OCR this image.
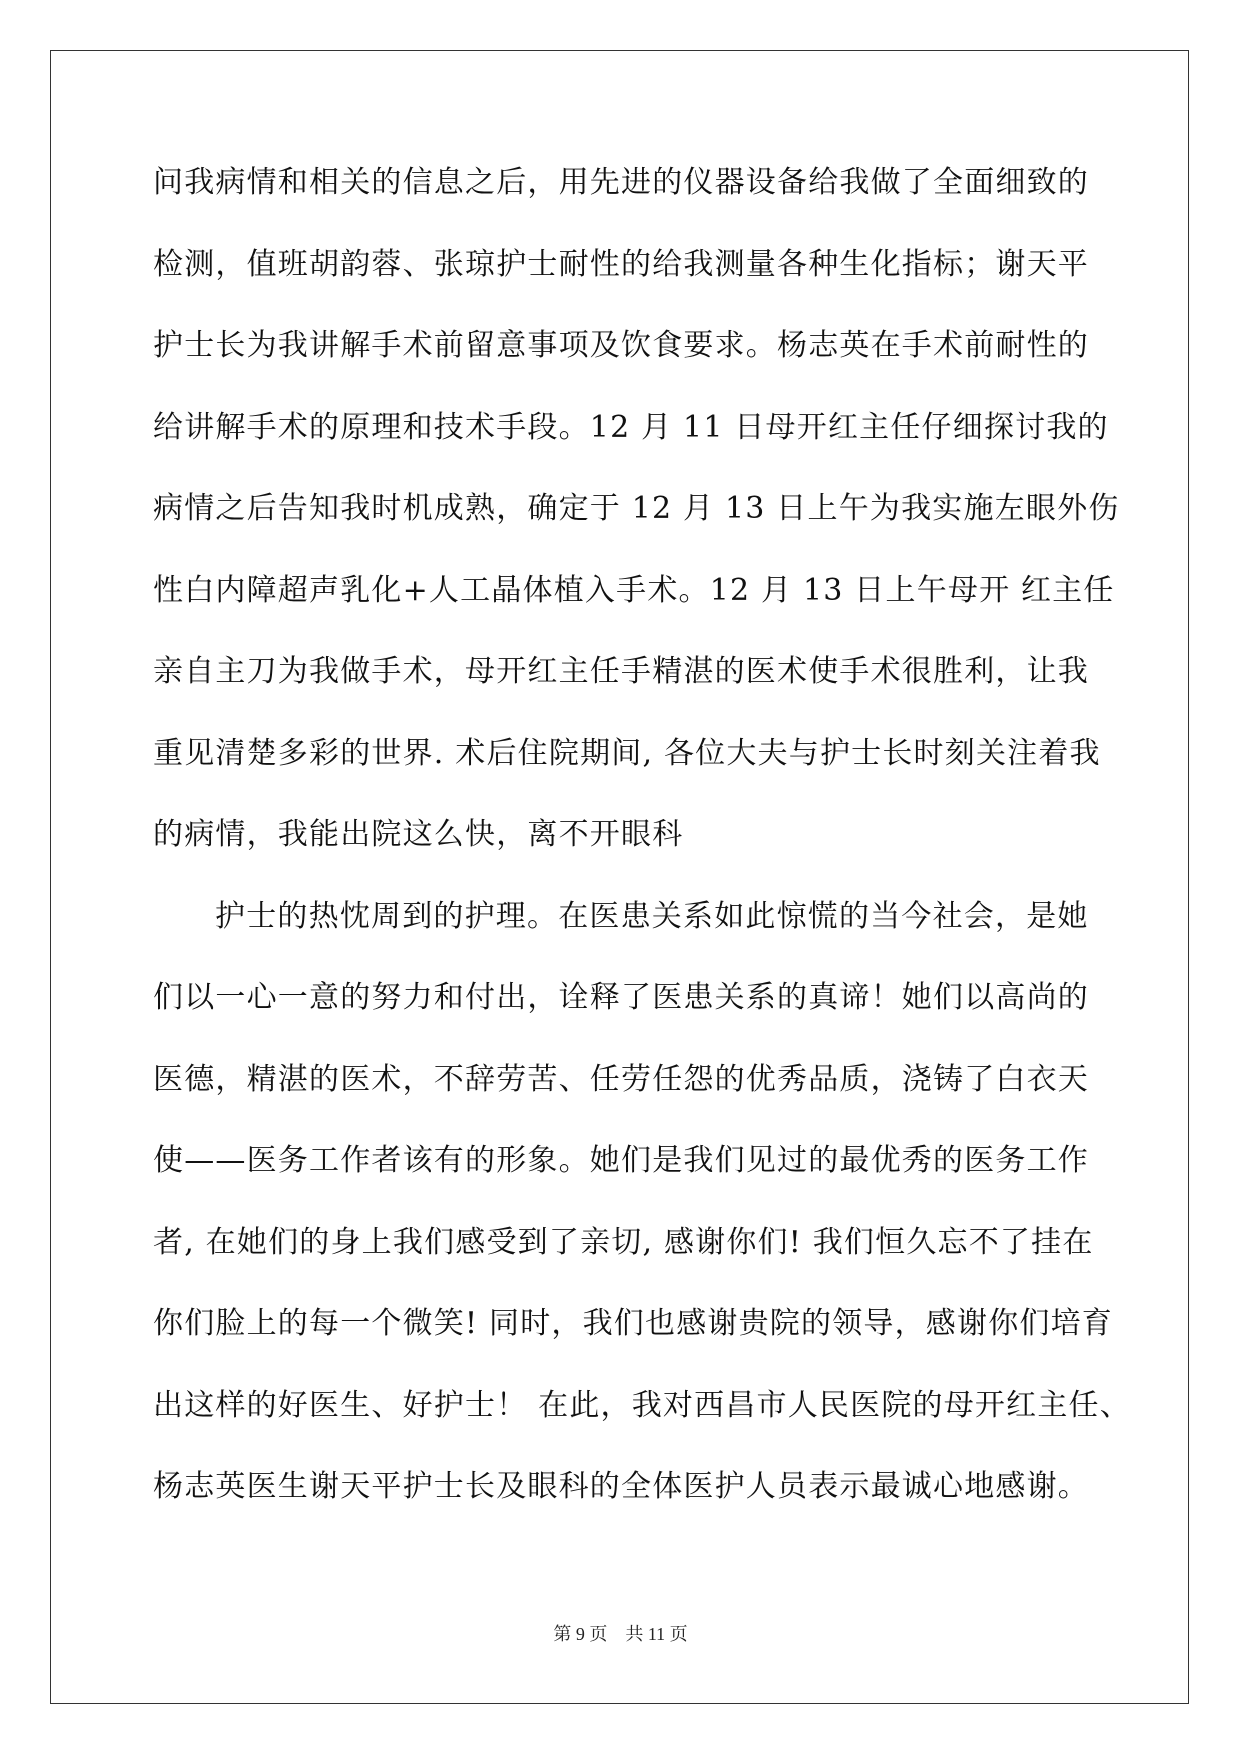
问我病情和相关的信息之后，用先进的仪器设备给我做了全面细致的
检测，值班胡韵蓉、张琼护士耐性的给我测量各种生化指标；谢天平
护士长为我讲解手术前留意事项及饮食要求。杨志英在手术前耐性的
给讲解手术的原理和技术手段。12 月 11 日母开红主任仔细探讨我的
病情之后告知我时机成熟，确定于 12 月 13 日上午为我实施左眼外伤
性白内障超声乳化+人工晶体植入手术。12 月 13 日上午母开 红主任
亲自主刀为我做手术，母开红主任手精湛的医术使手术很胜利，让我
重见清楚多彩的世界. 术后住院期间, 各位大夫与护士长时刻关注着我
的病情，我能出院这么快，离不开眼科
护士的热忱周到的护理。在医患关系如此惊慌的当今社会，是她
们以一心一意的努力和付出，诠释了医患关系的真谛！她们以高尚的
医德，精湛的医术，不辞劳苦、任劳任怨的优秀品质，浇铸了白衣天
使——医务工作者该有的形象。她们是我们见过的最优秀的医务工作
者, 在她们的身上我们感受到了亲切, 感谢你们! 我们恒久忘不了挂在
你们脸上的每一个微笑! 同时，我们也感谢贵院的领导，感谢你们培育
出这样的好医生、好护士！ 在此，我对西昌市人民医院的母开红主任、
杨志英医生谢天平护士长及眼科的全体医护人员表示最诚心地感谢。
第 9 页 共 11 页
